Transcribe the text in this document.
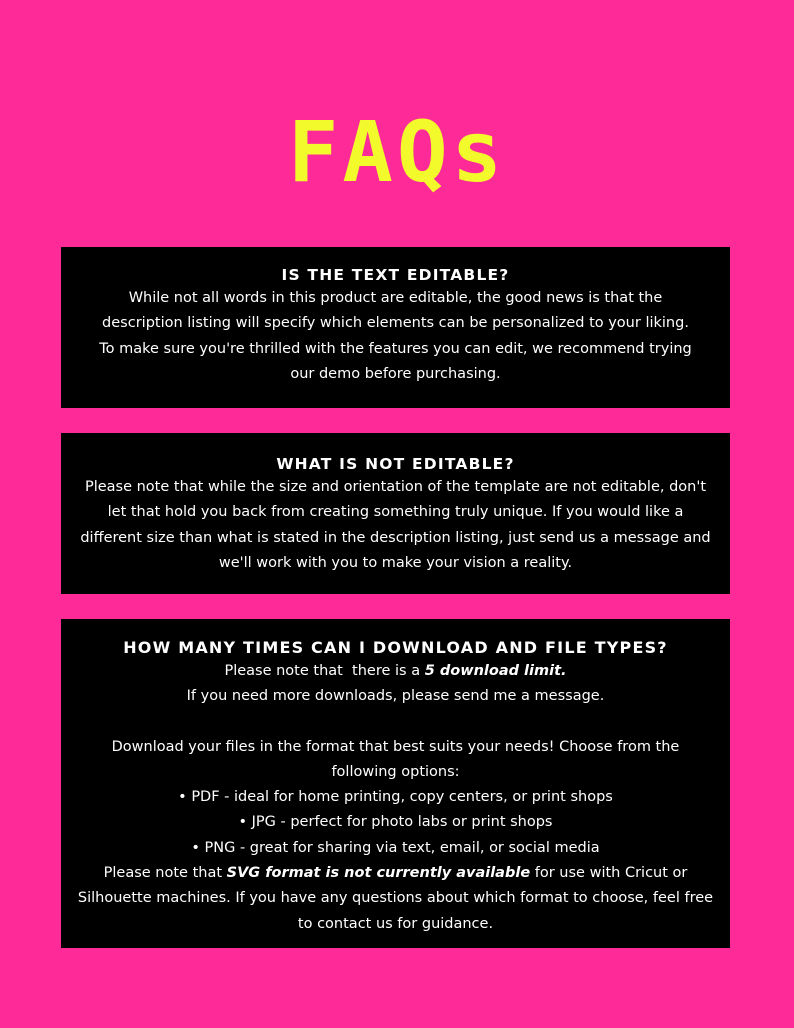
FAQs
IS THE TEXT EDITABLE?

While not all words in this product are editable, the good news is that the description listing will specify which elements can be personalized to your liking. To make sure you're thrilled with the features you can edit, we recommend trying our demo before purchasing.

WHAT IS NOT EDITABLE?

Please note that while the size and orientation of the template are not editable, don't let that hold you back from creating something truly unique. If you would like a different size than what is stated in the description listing, just send us a message and we'll work with you to make your vision a reality.

HOW MANY TIMES CAN I DOWNLOAD AND FILE TYPES?
Please note that  there is a 5 download limit.
If you need more downloads, please send me a message.
Download your files in the format that best suits your needs! Choose from the following options:
• PDF - ideal for home printing, copy centers, or print shops
• JPG - perfect for photo labs or print shops
• PNG - great for sharing via text, email, or social media
Please note that SVG format is not currently available for use with Cricut or Silhouette machines. If you have any questions about which format to choose, feel free to contact us for guidance.
